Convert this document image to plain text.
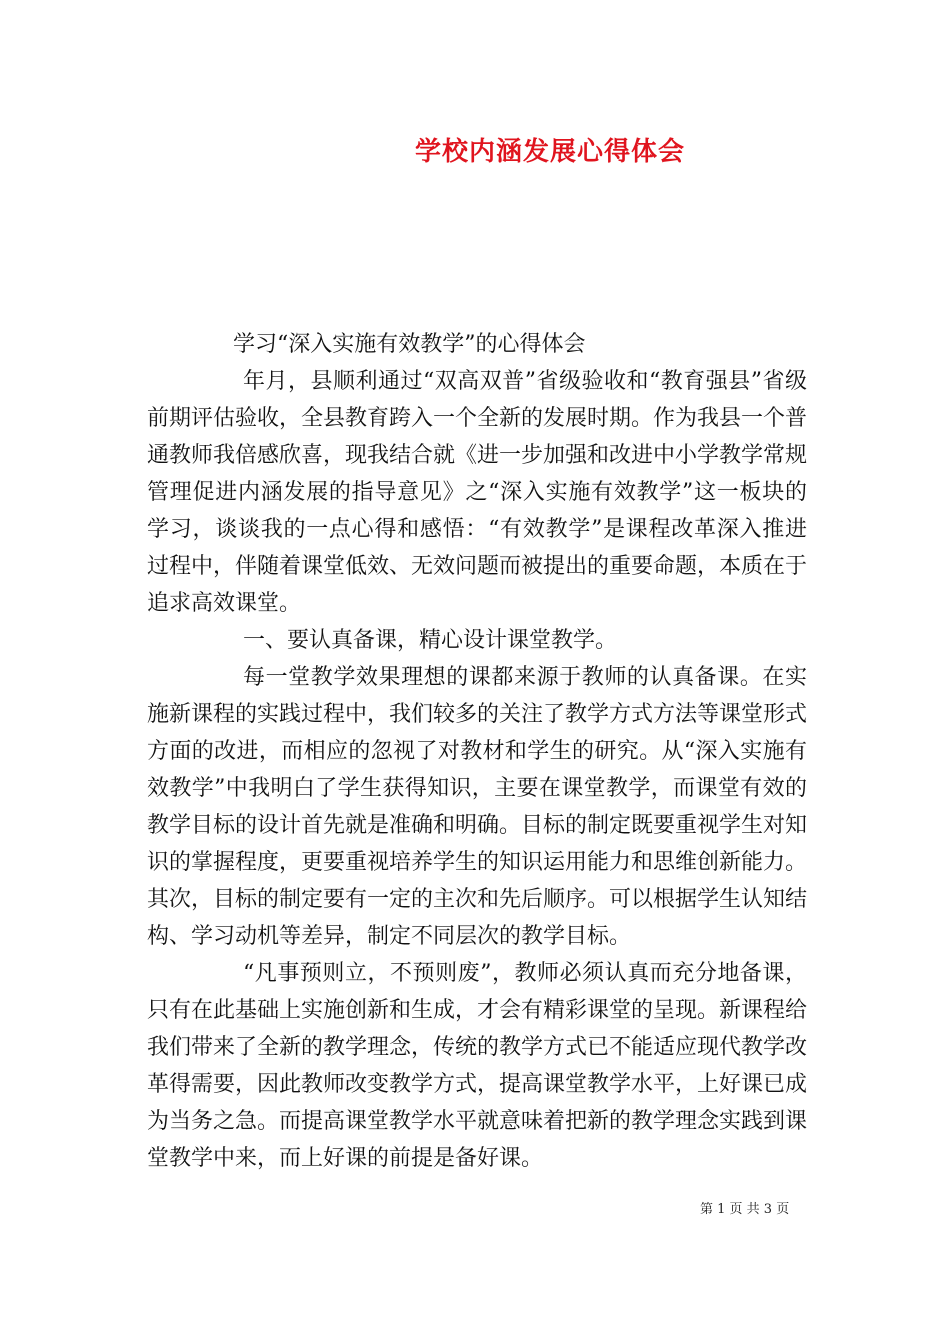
学校内涵发展心得体会

学习“深入实施有效教学”的心得体会

年月，县顺利通过“双高双普”省级验收和“教育强县”省级前期评估验收，全县教育跨入一个全新的发展时期。作为我县一个普通教师我倍感欣喜，现我结合就《进一步加强和改进中小学教学常规管理促进内涵发展的指导意见》之“深入实施有效教学”这一板块的学习，谈谈我的一点心得和感悟：“有效教学”是课程改革深入推进过程中，伴随着课堂低效、无效问题而被提出的重要命题，本质在于追求高效课堂。

一、要认真备课，精心设计课堂教学。

每一堂教学效果理想的课都来源于教师的认真备课。在实施新课程的实践过程中，我们较多的关注了教学方式方法等课堂形式方面的改进，而相应的忽视了对教材和学生的研究。从“深入实施有效教学”中我明白了学生获得知识，主要在课堂教学，而课堂有效的教学目标的设计首先就是准确和明确。目标的制定既要重视学生对知识的掌握程度，更要重视培养学生的知识运用能力和思维创新能力。其次，目标的制定要有一定的主次和先后顺序。可以根据学生认知结构、学习动机等差异，制定不同层次的教学目标。

“凡事预则立，不预则废”，教师必须认真而充分地备课，只有在此基础上实施创新和生成，才会有精彩课堂的呈现。新课程给我们带来了全新的教学理念，传统的教学方式已不能适应现代教学改革得需要，因此教师改变教学方式，提高课堂教学水平，上好课已成为当务之急。而提高课堂教学水平就意味着把新的教学理念实践到课堂教学中来，而上好课的前提是备好课。

第 1 页 共 3 页
